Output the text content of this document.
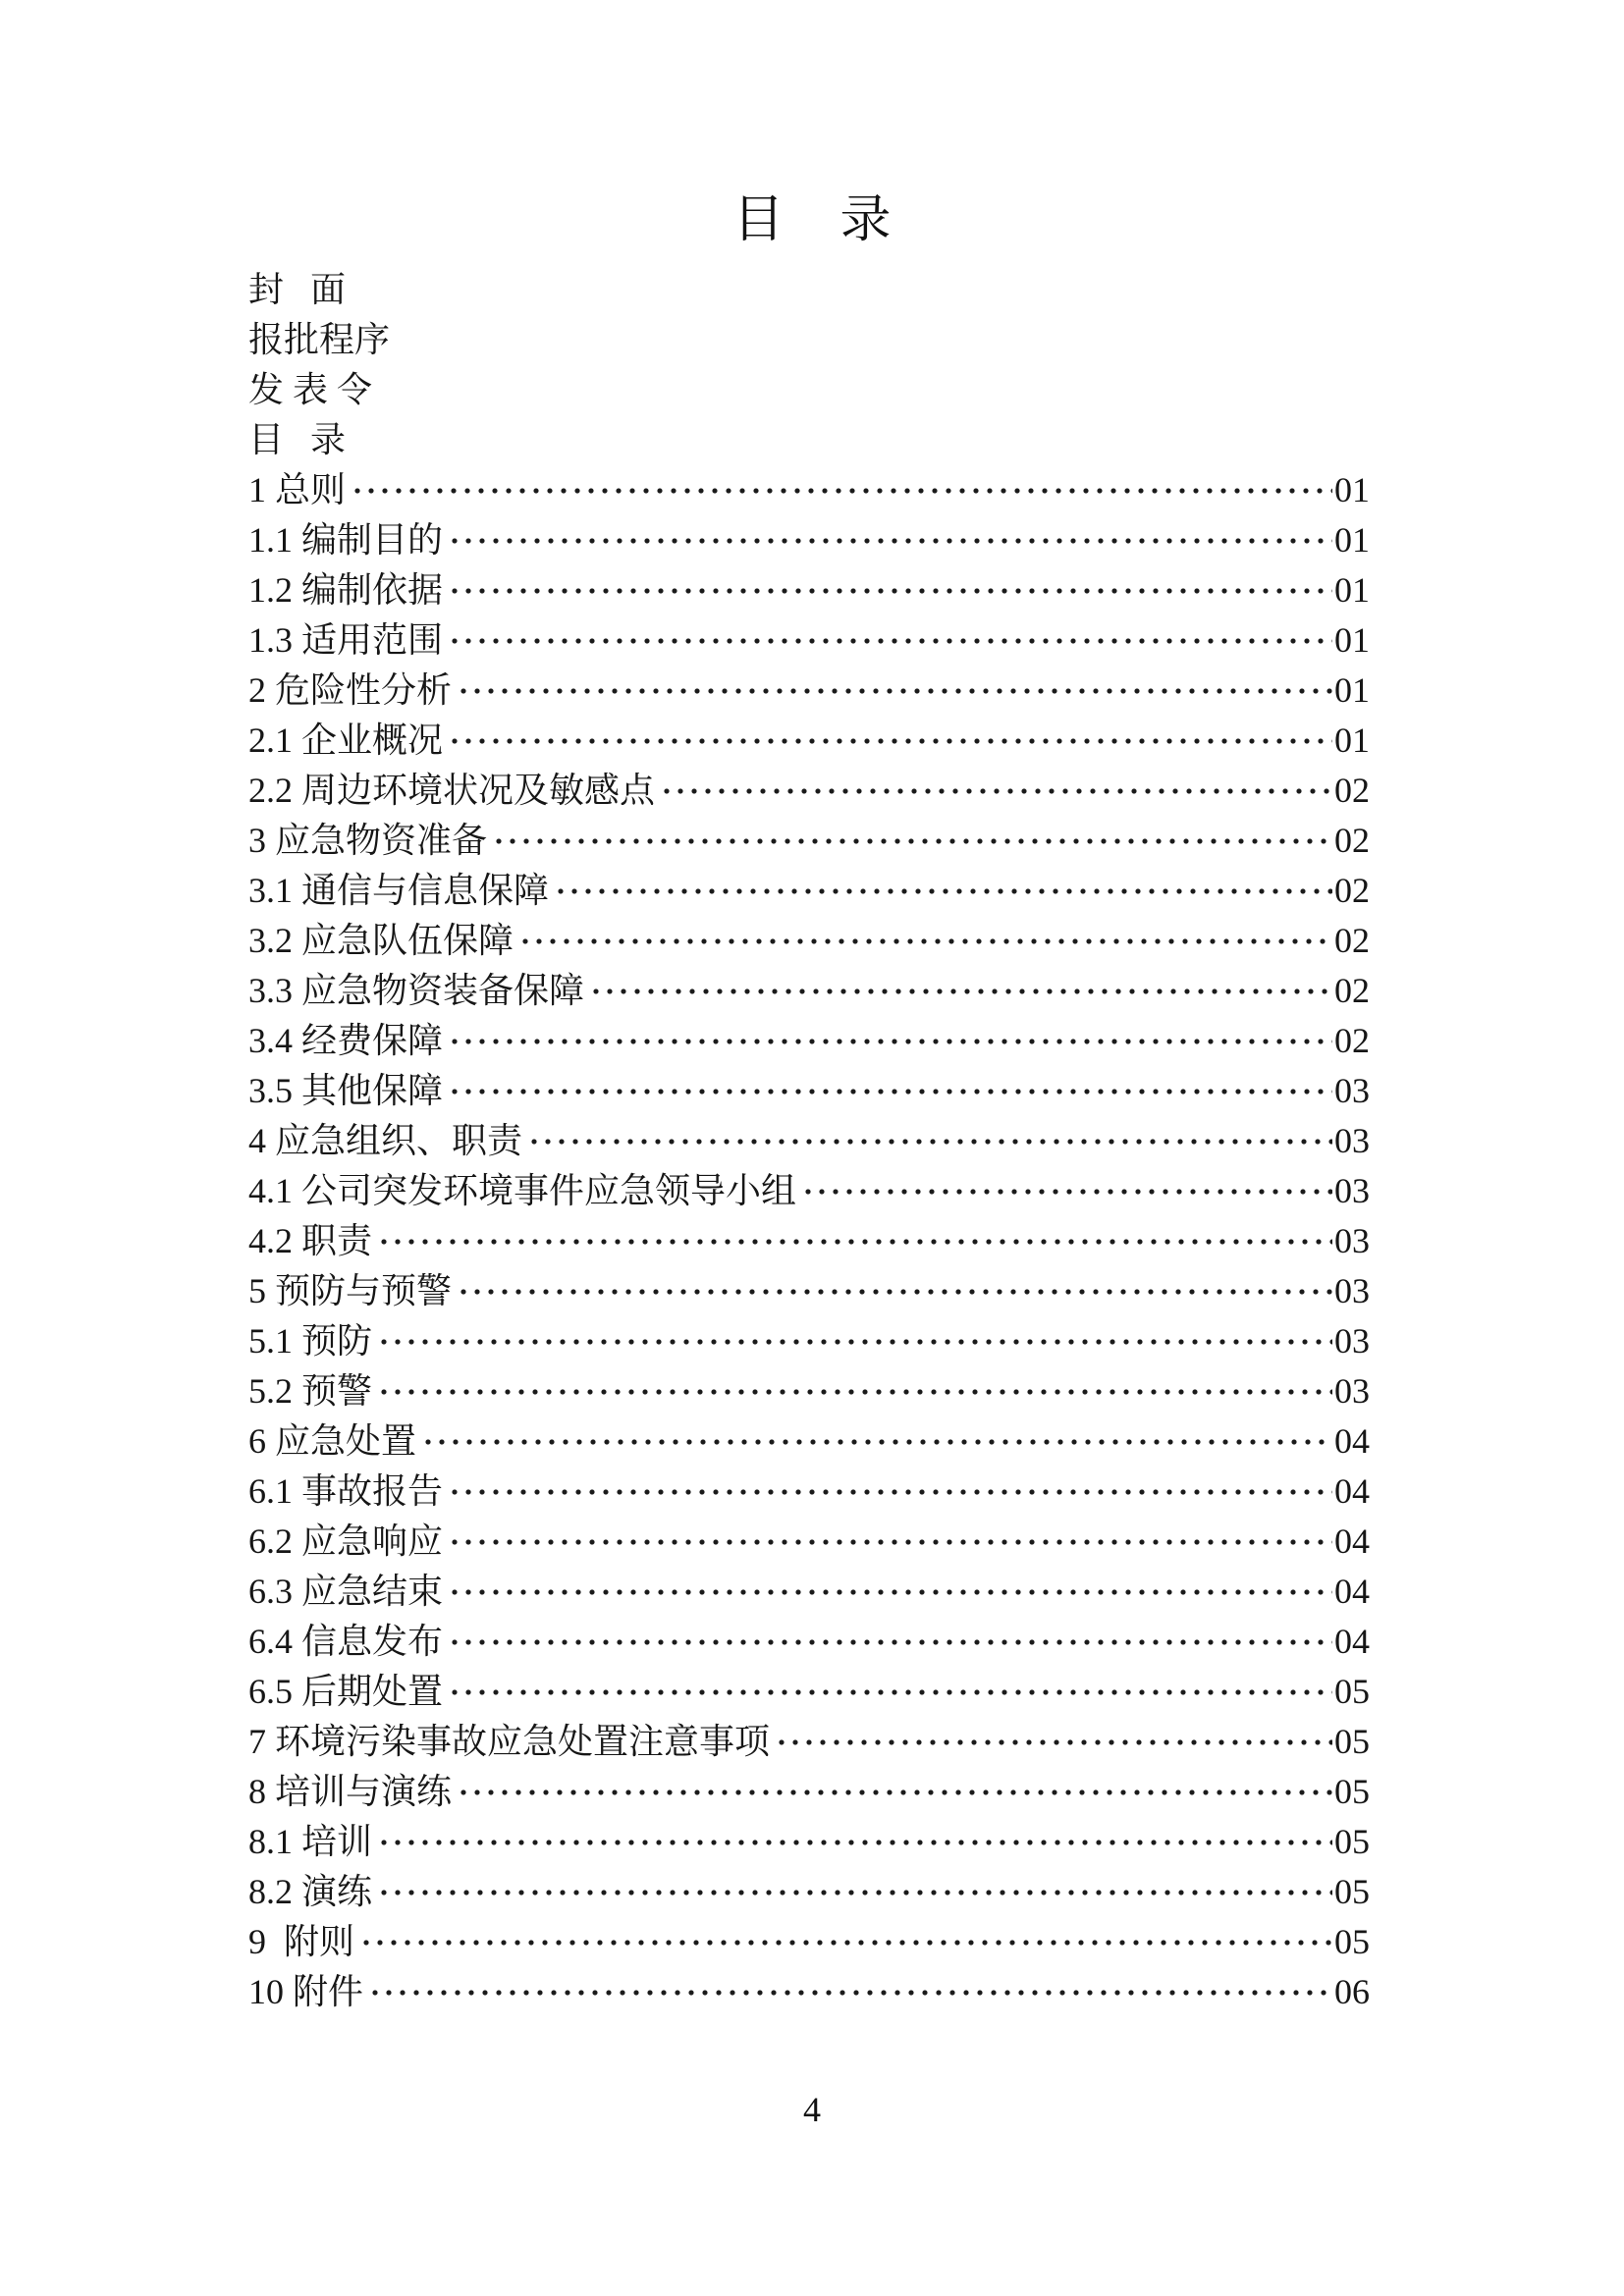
目 录
封   面
报批程序
发 表 令
目   录
1 总则	01
1.1 编制目的	01
1.2 编制依据	01
1.3 适用范围	01
2 危险性分析	01
2.1 企业概况	01
2.2 周边环境状况及敏感点	02
3 应急物资准备	02
3.1 通信与信息保障	02
3.2 应急队伍保障	02
3.3 应急物资装备保障	02
3.4 经费保障	02
3.5 其他保障	03
4 应急组织、职责	03
4.1 公司突发环境事件应急领导小组	03
4.2 职责	03
5 预防与预警	03
5.1 预防	03
5.2 预警	03
6 应急处置	04
6.1 事故报告	04
6.2 应急响应	04
6.3 应急结束	04
6.4 信息发布	04
6.5 后期处置	05
7 环境污染事故应急处置注意事项	05
8 培训与演练	05
8.1 培训	05
8.2 演练	05
9  附则	05
10 附件	06
4
